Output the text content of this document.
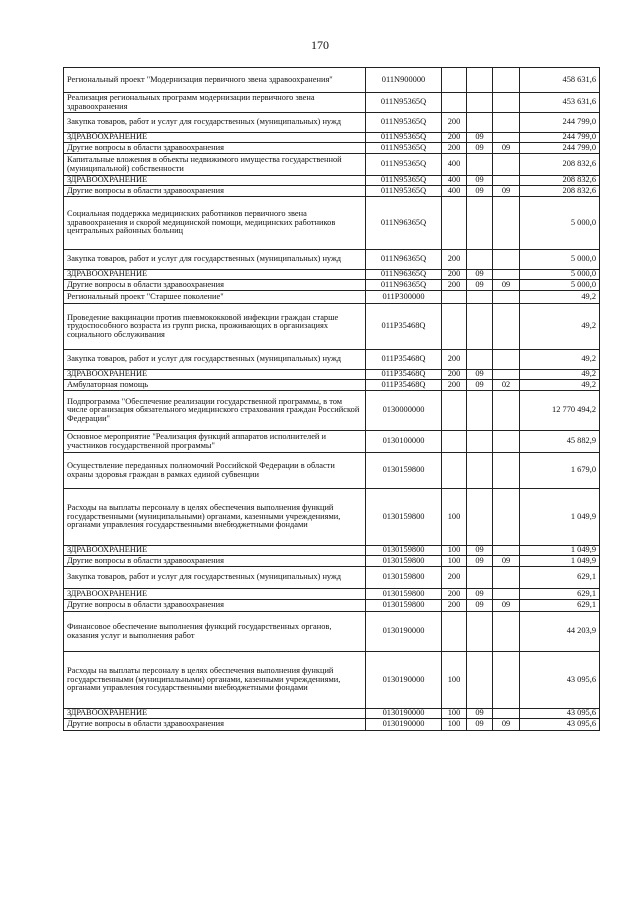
170
Региональный проект "Модернизация первичного звена здравоохранения"	011N900000				458 631,6
Реализация региональных программ модернизации первичного звена здравоохранения	011N95365Q				453 631,6
Закупка товаров, работ и услуг для государственных (муниципальных) нужд	011N95365Q	200			244 799,0
ЗДРАВООХРАНЕНИЕ	011N95365Q	200	09		244 799,0
Другие вопросы в области здравоохранения	011N95365Q	200	09	09	244 799,0
Капитальные вложения в объекты недвижимого имущества государственной (муниципальной) собственности	011N95365Q	400			208 832,6
ЗДРАВООХРАНЕНИЕ	011N95365Q	400	09		208 832,6
Другие вопросы в области здравоохранения	011N95365Q	400	09	09	208 832,6
Социальная поддержка медицинских работников первичного звена здравоохранения и скорой медицинской помощи, медицинских работников центральных районных больниц	011N96365Q				5 000,0
Закупка товаров, работ и услуг для государственных (муниципальных) нужд	011N96365Q	200			5 000,0
ЗДРАВООХРАНЕНИЕ	011N96365Q	200	09		5 000,0
Другие вопросы в области здравоохранения	011N96365Q	200	09	09	5 000,0
Региональный проект "Старшее поколение"	011P300000				49,2
Проведение вакцинации против пневмококковой инфекции граждан старше трудоспособного возраста из групп риска, проживающих в организациях социального обслуживания	011P35468Q				49,2
Закупка товаров, работ и услуг для государственных (муниципальных) нужд	011P35468Q	200			49,2
ЗДРАВООХРАНЕНИЕ	011P35468Q	200	09		49,2
Амбулаторная помощь	011P35468Q	200	09	02	49,2
Подпрограмма "Обеспечение реализации государственной программы, в том числе организация обязательного медицинского страхования граждан Российской Федерации"	0130000000				12 770 494,2
Основное мероприятие "Реализация функций аппаратов исполнителей и участников государственной программы"	0130100000				45 882,9
Осуществление переданных полномочий Российской Федерации в области охраны здоровья граждан в рамках единой субвенции	0130159800				1 679,0
Расходы на выплаты персоналу в целях обеспечения выполнения функций государственными (муниципальными) органами, казенными учреждениями, органами управления государственными внебюджетными фондами	0130159800	100			1 049,9
ЗДРАВООХРАНЕНИЕ	0130159800	100	09		1 049,9
Другие вопросы в области здравоохранения	0130159800	100	09	09	1 049,9
Закупка товаров, работ и услуг для государственных (муниципальных) нужд	0130159800	200			629,1
ЗДРАВООХРАНЕНИЕ	0130159800	200	09		629,1
Другие вопросы в области здравоохранения	0130159800	200	09	09	629,1
Финансовое обеспечение выполнения функций государственных органов, оказания услуг и выполнения работ	0130190000				44 203,9
Расходы на выплаты персоналу в целях обеспечения выполнения функций государственными (муниципальными) органами, казенными учреждениями, органами управления государственными внебюджетными фондами	0130190000	100			43 095,6
ЗДРАВООХРАНЕНИЕ	0130190000	100	09		43 095,6
Другие вопросы в области здравоохранения	0130190000	100	09	09	43 095,6
